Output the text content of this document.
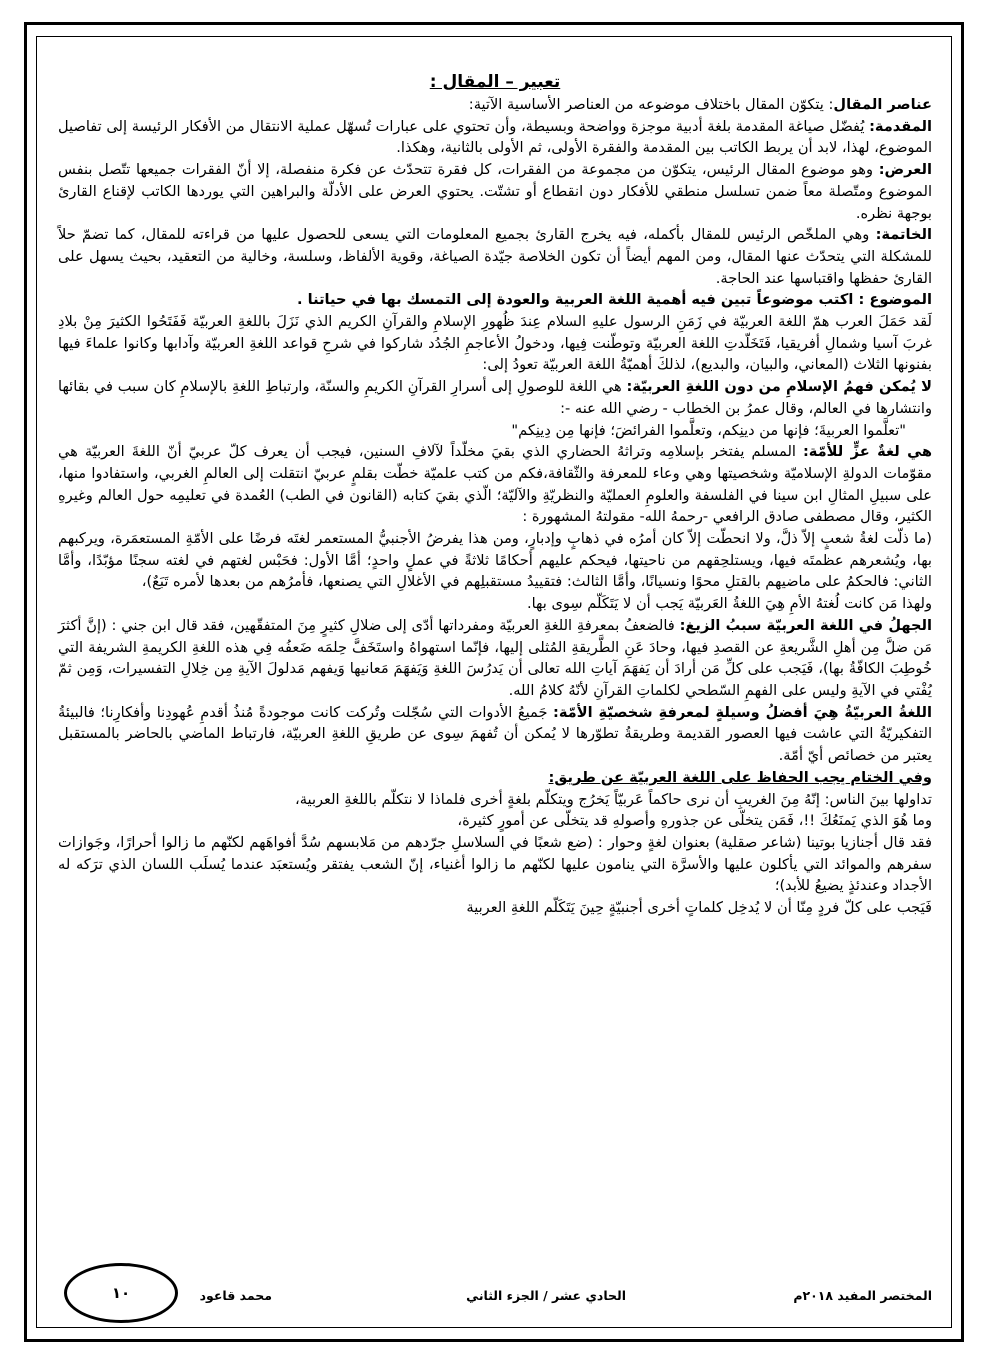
تعبير – المقال :

عناصر المقال: يتكوّن المقال باختلاف موضوعه من العناصر الأساسية الآتية:

المقدمة: يُفضّل صياغة المقدمة بلغة أدبية موجزة وواضحة وبسيطة، وأن تحتوي على عبارات تُسهّل عملية الانتقال من الأفكار الرئيسة إلى تفاصيل الموضوع، لهذا، لابد أن يربط الكاتب بين المقدمة والفقرة الأولى، ثم الأولى بالثانية، وهكذا.

العرض: وهو موضوع المقال الرئيس، يتكوّن من مجموعة من الفقرات، كل فقرة تتحدّث عن فكرة منفصلة، إلا أنّ الفقرات جميعها تتّصل بنفس الموضوع ومتّصلة معاً ضمن تسلسل منطقي للأفكار دون انقطاع أو تشتّت. يحتوي العرض على الأدلّة والبراهين التي يوردها الكاتب لإقناع القارئ بوجهة نظره.

الخاتمة: وهي الملخّص الرئيس للمقال بأكمله، فيه يخرج القارئ بجميع المعلومات التي يسعى للحصول عليها من قراءته للمقال، كما تضمّ حلاً للمشكلة التي يتحدّث عنها المقال، ومن المهم أيضاً أن تكون الخلاصة جيّدة الصياغة، وقوية الألفاظ، وسلسة، وخالية من التعقيد، بحيث يسهل على القارئ حفظها واقتباسها عند الحاجة.

الموضوع : اكتب موضوعاً تبين فيه أهمية اللغة العربية والعودة إلى التمسك بها في حياتنا .

لَقد حَمَلَ العرب همّ اللغة العربيّة في زَمَنِ الرسول عليهِ السلام عِندَ ظُهورِ الإسلامِ والقرآنِ الكريم الذي نَزَلَ باللغةِ العربيّة فَفَتَحُوا الكثيرَ مِنْ بلادِ غربَ آسيا وشمالِ أفريقيا، فَتَخَلّدتِ اللغة العربيّة وتوطّنت فِيها، ودخولُ الأعاجمِ الجُدُد شاركوا في شرحِ قواعد اللغةِ العربيّة وآدابها وكانوا علماءَ فيها بفنونها الثلاث (المعاني، والبيان، والبديع)، لذلكَ أهميّةُ اللغة العربيّة تعودُ إلى:

لا يُمكن فهمُ الإسلامِ من دون اللغةِ العربيّة: هي اللغة للوصولِ إلى أسرارِ القرآنِ الكريمِ والسنّة، وارتباطِ اللغةِ بالإسلامِ كان سبب في بقائها وانتشارها في العالم، وقال عمرُ بن الخطاب - رضي الله عنه -:

"تعلَّموا العربيةَ؛ فإنها من دينِكم، وتعلَّموا الفرائضَ؛ فإنها مِن دِينِكم"

هي لغةٌ عزٍّ للأمّة: المسلم يفتخر بإسلامِه وتراثهُ الحضاري الذي بقيَ مخلّداً لآلافِ السنين، فيجب أن يعرف كلّ عربيّ أنّ اللغةَ العربيّة هي مقوّمات الدولةِ الإسلاميّة وشخصيتها وهي وعاء للمعرفة والثّقافة،فكم من كتب علميّة خطّت بقلمٍ عربيّ انتقلت إلى العالمِ الغربي، واستفادوا منها، على سبيلِ المثالِ ابن سينا في الفلسفة والعلومِ العمليّة والنظريّةِ والآليّة؛ الّذي بقيَ كتابه (القانون في الطب) العُمدة في تعليمِه حول العالم وغيرهِ الكثير، وقال مصطفى صادق الرافعي -رحمهُ الله- مقولتهُ المشهورة :

(ما ذلّت لغةُ شعبٍ إلاّ ذلَّ، ولا انحطّت إلاّ كان أمرُه في ذهابٍ وإدبارٍ، ومن هذا يفرضُ الأجنبيُّ المستعمر لغتَه فرضًا على الأمّةِ المستعمَرة، ويركبهم بها، ويُشعرهم عظمتَه فيها، ويستلحِقهم من ناحيتها، فيحكم عليهم أحكامًا ثلاثةً في عملٍ واحدٍ؛ أمَّا الأول: فحَبْس لغتهم في لغته سجنًا مؤبّدًا، وأمَّا الثاني: فالحكمُ على ماضيهم بالقتلِ محوًا ونسيانًا، وأمَّا الثالث: فتقييدُ مستقبلِهم في الأغلالِ التي يصنعها، فأمرُهم من بعدها لأمره تَبَعٌ)،

ولهذا مَن كانت لُغتهُ الأمِ هِيَ اللغةُ العَربيّة يَجب أن لا يَتَكَلّم سِوى بها.

الجهلُ في اللغة العربيّة سببُ الزيغ: فالضعفُ بمعرفةِ اللغةِ العربيّة ومفرداتها أدّى إلى ضلالِ كثيرٍ مِنَ المتفقّهين، فقد قال ابن جني : (إنَّ أكثرَ مَن ضلَّ مِن أهلِ الشَّريعةِ عن القصدِ فيها، وحادَ عَنِ الطَّريقةِ المُثلى إليها، فإنّما استهواهُ واستَخَفَّ حِلمَه ضَعفُه فِي هذه اللغةِ الكريمةِ الشريفة التي خُوطِبَ الكافّةُ بها)، فَيَجب على كلِّ مَن أرادَ أن يَفهَمَ آياتِ الله تعالى أن يَدرُسَ اللغةِ وَيَفهَمَ مَعانيها وَيفهم مَدلولَ الآيةِ مِن خِلالِ التفسيرات، وَمِن ثمّ يُفْتي في الآيةِ وليس على الفهمِ السّطحي لكلماتِ القرآنِ لأنّهُ كلامُ الله.

اللغةُ العربيّةُ هِيَ أفضلُ وسيلةٍ لمعرفةِ شخصيّةِ الأمّة: جَميعُ الأدوات التي سُجّلت وتُركت كانت موجودةً مُنذُ أقدمِ عُهودِنا وأفكارِنا؛ فالبيئةُ التفكيريّةُ التي عاشت فيها العصور القديمة وطريقةُ تطوّرها لا يُمكن أن تُفهمَ سِوى عن طريقِ اللغةِ العربيّة، فارتباط الماضي بالحاضر بالمستقبل يعتبر من خصائص أيّ أمّة.

وفي الختام يجب الحفاظ على اللغة العربيّة عن طريق:

تداولها بينَ الناس: إنّهُ مِنَ الغريبِ أن نرى حاكماً عَربيّاً يَخرُج ويتكلّم بلغةٍ أخرى فلماذا لا نتكلّم باللغةِ العربية،

وما هُوَ الذي يَمنَعُكَ !!، فَمَن يتخلّى عن جذورهِ وأصولهِ قد يتخلّى عن أمورٍ كثيرة،

فقد قال أجنازيا بوتينا (شاعر صقلية) بعنوان لغةٍ وحوار : (ضع شعبًا في السلاسلِ جرّدهم من مَلابسهم سُدَّ أفواهَهم لكنّهم ما زالوا أحرارًا، وجَوازات سفرهم والموائد التي يأكلون عليها والأسرَّة التي ينامون عليها لكنّهم ما زالوا أغنياء، إنّ الشعب يفتقر ويُستعبَد عندما يُسلَب اللسان الذي ترَكه له الأجداد وعندئذٍ يضيعُ للأبد)؛

فَيَجب على كلّ فردٍ مِنّا أن لا يُدخِل كلماتٍ أخرى أجنبيّةٍ حِينَ يَتَكَلّم اللغةِ العربية

المختصر المفيد ٢٠١٨م
الحادي عشر / الجزء الثاني
محمد قاعود
١٠
